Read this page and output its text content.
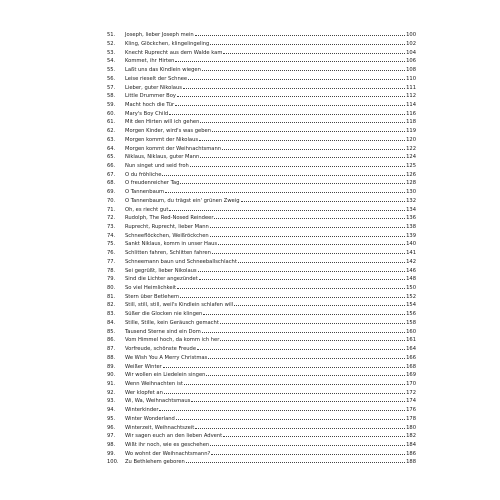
51.	Joseph, lieber Joseph mein	100
52.	Kling, Glöckchen, klingelingeling	102
53.	Knecht Ruprecht aus dem Walde kam	104
54.	Kommet, ihr Hirten	106
55.	Laßt uns das Kindlein wiegen	108
56.	Leise rieselt der Schnee	110
57.	Lieber, guter Nikolaus	111
58.	Little Drummer Boy	112
59.	Macht hoch die Tür	114
60.	Mary's Boy Child	116
61.	Mit den Hirten will ich gehen	118
62.	Morgen Kinder, wird's was geben	119
63.	Morgen kommt der Nikolaus	120
64.	Morgen kommt der Weihnachtsmann	122
65.	Niklaus, Niklaus, guter Mann	124
66.	Nun singet und seid froh	125
67.	O du fröhliche	126
68.	O freudenreicher Tag	128
69.	O Tannenbaum	130
70.	O Tannenbaum, du trägst ein' grünen Zweig	132
71.	Oh, es riecht gut	134
72.	Rudolph, The Red-Nosed Reindeer	136
73.	Ruprecht, Ruprecht, lieber Mann	138
74.	Schneeflöckchen, Weißröckchen	139
75.	Sankt Niklaus, komm in unser Haus	140
76.	Schlitten fahren, Schlitten fahren	141
77.	Schneemann baun und Schneeballschlacht	142
78.	Sei gegrüßt, lieber Nikolaus	146
79.	Sind die Lichter angezündet	148
80.	So viel Heimlichkeit	150
81.	Stern über Betlehem	152
82.	Still, still, still, weil's Kindlein schlafen will	154
83.	Süßer die Glocken nie klingen	156
84.	Stille, Stille, kein Geräusch gemacht	158
85.	Tausend Sterne sind ein Dom	160
86.	Vom Himmel hoch, da komm ich her	161
87.	Vorfreude, schönste Freude	164
88.	We Wish You A Merry Christmas	166
89.	Weißer Winter	168
90.	Wir wollen ein Liedelein singen	169
91.	Wenn Weihnachten ist	170
92.	Wer klopfet an	172
93.	Wi, Wa, Weihnachtsmaus	174
94.	Winterkinder	176
95.	Winter Wonderland	178
96.	Winterzeit, Weihnachtszeit	180
97.	Wir sagen euch an den lieben Advent	182
98.	Wißt ihr noch, wie es geschehen	184
99.	Wo wohnt der Weihnachtsmann?	186
100.	Zu Bethlehem geboren	188
